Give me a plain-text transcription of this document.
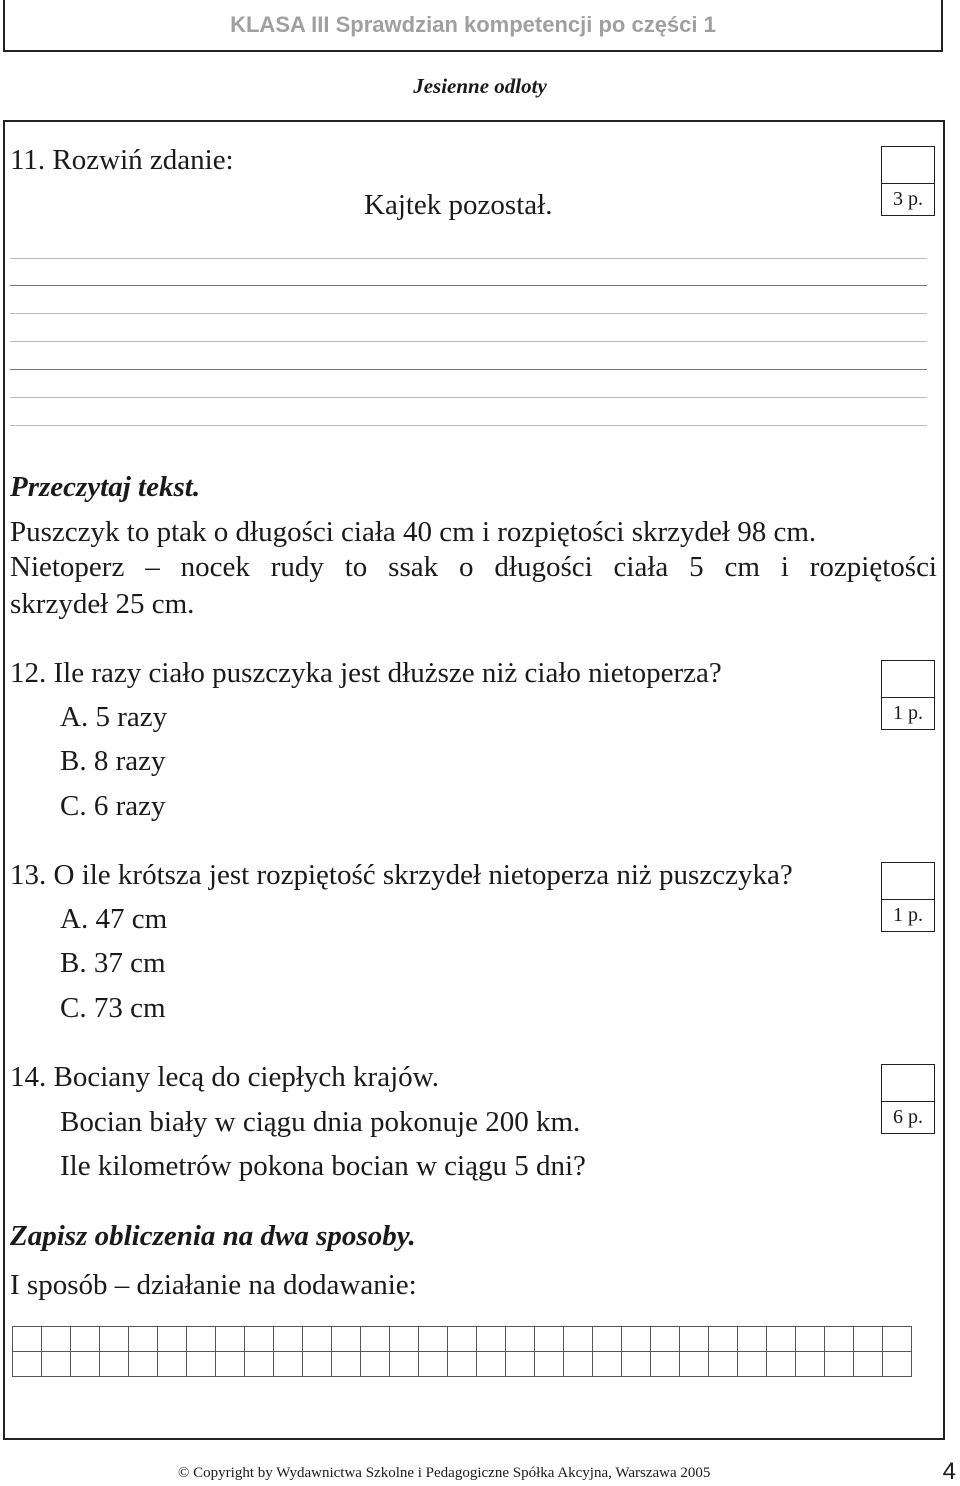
KLASA III Sprawdzian kompetencji po części 1
Jesienne odloty
11. Rozwiń zdanie:
Kajtek pozostał.	3 p.
Przeczytaj tekst.
Puszczyk to ptak o długości ciała 40 cm i rozpiętości skrzydeł 98 cm.
Nietoperz – nocek rudy to ssak o długości ciała 5 cm i rozpiętości
skrzydeł 25 cm.
12. Ile razy ciało puszczyka jest dłuższe niż ciało nietoperza?
A. 5 razy
B. 8 razy
C. 6 razy
1 p.
13. O ile krótsza jest rozpiętość skrzydeł nietoperza niż puszczyka?
A. 47 cm
B. 37 cm
C. 73 cm
1 p.
14. Bociany lecą do ciepłych krajów.
Bocian biały w ciągu dnia pokonuje 200 km.
Ile kilometrów pokona bocian w ciągu 5 dni?
6 p.
Zapisz obliczenia na dwa sposoby.
I sposób – działanie na dodawanie:

© Copyright by Wydawnictwa Szkolne i Pedagogiczne Spółka Akcyjna, Warszawa 2005	4
